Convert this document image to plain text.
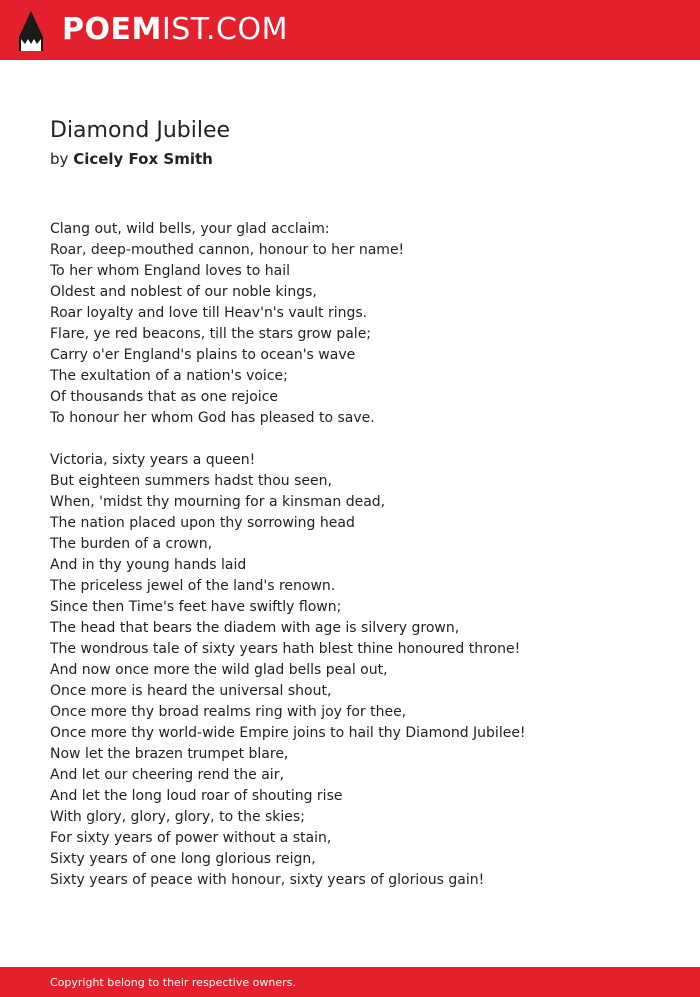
POEMIST.COM
Diamond Jubilee
by Cicely Fox Smith
Clang out, wild bells, your glad acclaim:
Roar, deep-mouthed cannon, honour to her name!
To her whom England loves to hail
Oldest and noblest of our noble kings,
Roar loyalty and love till Heav'n's vault rings.
Flare, ye red beacons, till the stars grow pale;
Carry o'er England's plains to ocean's wave
The exultation of a nation's voice;
Of thousands that as one rejoice
To honour her whom God has pleased to save.
Victoria, sixty years a queen!
But eighteen summers hadst thou seen,
When, 'midst thy mourning for a kinsman dead,
The nation placed upon thy sorrowing head
The burden of a crown,
And in thy young hands laid
The priceless jewel of the land's renown.
Since then Time's feet have swiftly flown;
The head that bears the diadem with age is silvery grown,
The wondrous tale of sixty years hath blest thine honoured throne!
And now once more the wild glad bells peal out,
Once more is heard the universal shout,
Once more thy broad realms ring with joy for thee,
Once more thy world-wide Empire joins to hail thy Diamond Jubilee!
Now let the brazen trumpet blare,
And let our cheering rend the air,
And let the long loud roar of shouting rise
With glory, glory, glory, to the skies;
For sixty years of power without a stain,
Sixty years of one long glorious reign,
Sixty years of peace with honour, sixty years of glorious gain!
Copyright belong to their respective owners.
